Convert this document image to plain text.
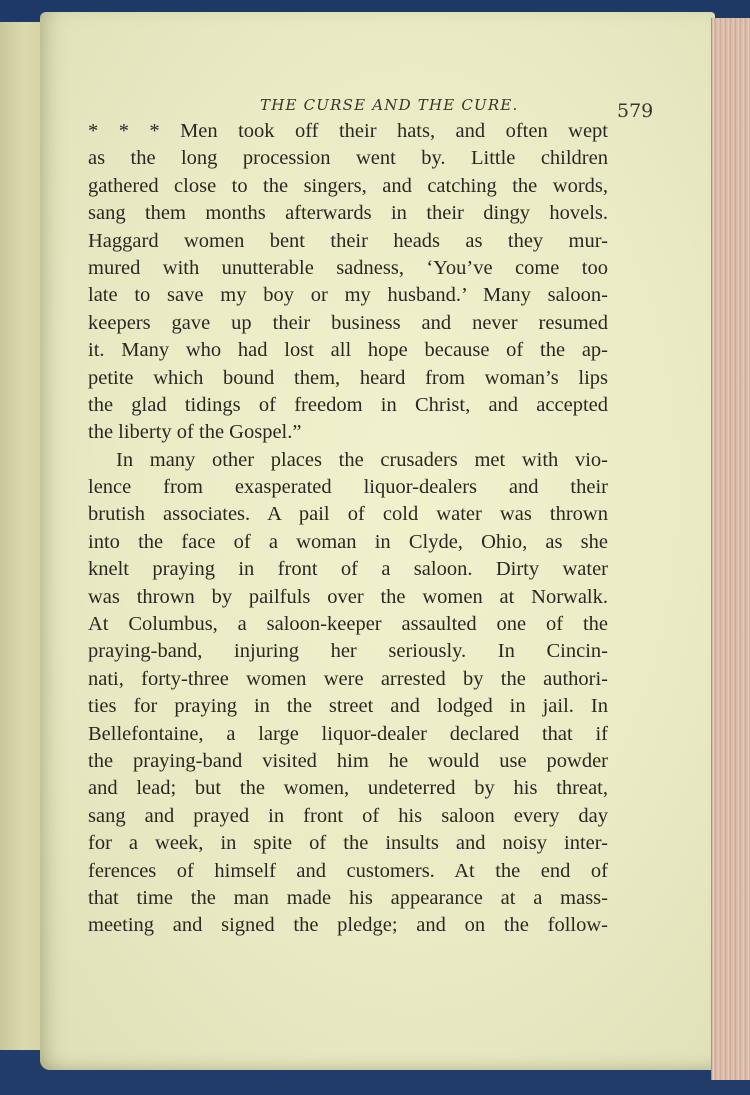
THE CURSE AND THE CURE.	579
* * * Men took off their hats, and often wept
as the long procession went by. Little children
gathered close to the singers, and catching the words,
sang them months afterwards in their dingy hovels.
Haggard women bent their heads as they mur-
mured with unutterable sadness, ‘You’ve come too
late to save my boy or my husband.’ Many saloon-
keepers gave up their business and never resumed
it. Many who had lost all hope because of the ap-
petite which bound them, heard from woman’s lips
the glad tidings of freedom in Christ, and accepted
the liberty of the Gospel.”
In many other places the crusaders met with vio-
lence from exasperated liquor-dealers and their
brutish associates. A pail of cold water was thrown
into the face of a woman in Clyde, Ohio, as she
knelt praying in front of a saloon. Dirty water
was thrown by pailfuls over the women at Norwalk.
At Columbus, a saloon-keeper assaulted one of the
praying-band, injuring her seriously. In Cincin-
nati, forty-three women were arrested by the authori-
ties for praying in the street and lodged in jail. In
Bellefontaine, a large liquor-dealer declared that if
the praying-band visited him he would use powder
and lead; but the women, undeterred by his threat,
sang and prayed in front of his saloon every day
for a week, in spite of the insults and noisy inter-
ferences of himself and customers. At the end of
that time the man made his appearance at a mass-
meeting and signed the pledge; and on the follow-
